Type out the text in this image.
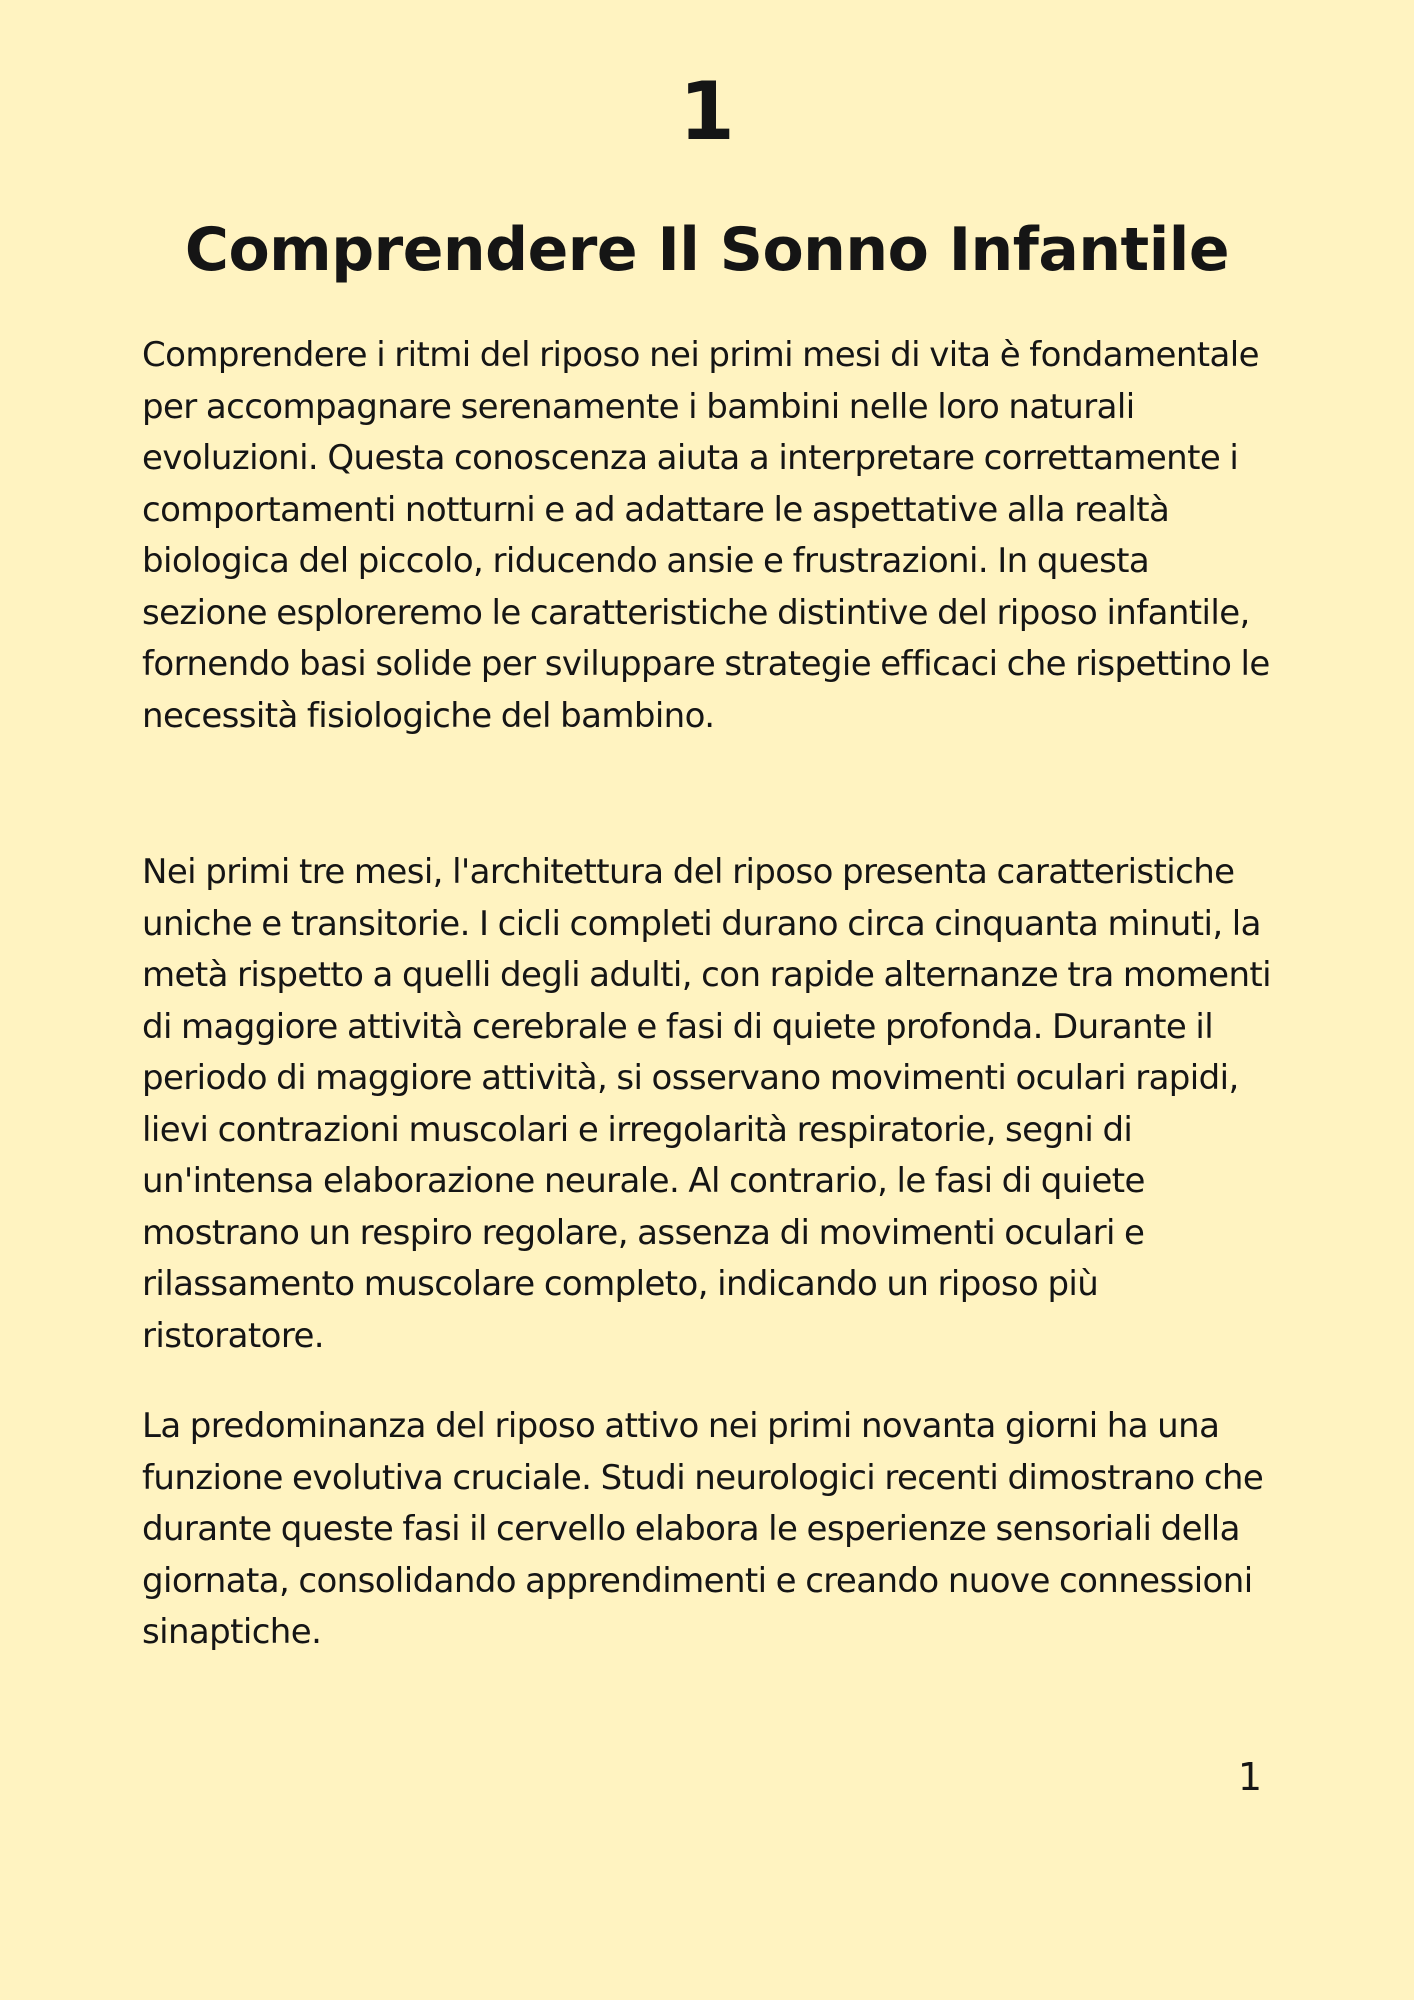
1
Comprendere Il Sonno Infantile

Comprendere i ritmi del riposo nei primi mesi di vita è fondamentale per accompagnare serenamente i bambini nelle loro naturali evoluzioni. Questa conoscenza aiuta a interpretare correttamente i comportamenti notturni e ad adattare le aspettative alla realtà biologica del piccolo, riducendo ansie e frustrazioni. In questa sezione esploreremo le caratteristiche distintive del riposo infantile, fornendo basi solide per sviluppare strategie efficaci che rispettino le necessità fisiologiche del bambino.

Nei primi tre mesi, l'architettura del riposo presenta caratteristiche uniche e transitorie. I cicli completi durano circa cinquanta minuti, la metà rispetto a quelli degli adulti, con rapide alternanze tra momenti di maggiore attività cerebrale e fasi di quiete profonda. Durante il periodo di maggiore attività, si osservano movimenti oculari rapidi, lievi contrazioni muscolari e irregolarità respiratorie, segni di un'intensa elaborazione neurale. Al contrario, le fasi di quiete mostrano un respiro regolare, assenza di movimenti oculari e rilassamento muscolare completo, indicando un riposo più ristoratore.

La predominanza del riposo attivo nei primi novanta giorni ha una funzione evolutiva cruciale. Studi neurologici recenti dimostrano che durante queste fasi il cervello elabora le esperienze sensoriali della giornata, consolidando apprendimenti e creando nuove connessioni sinaptiche.

1
